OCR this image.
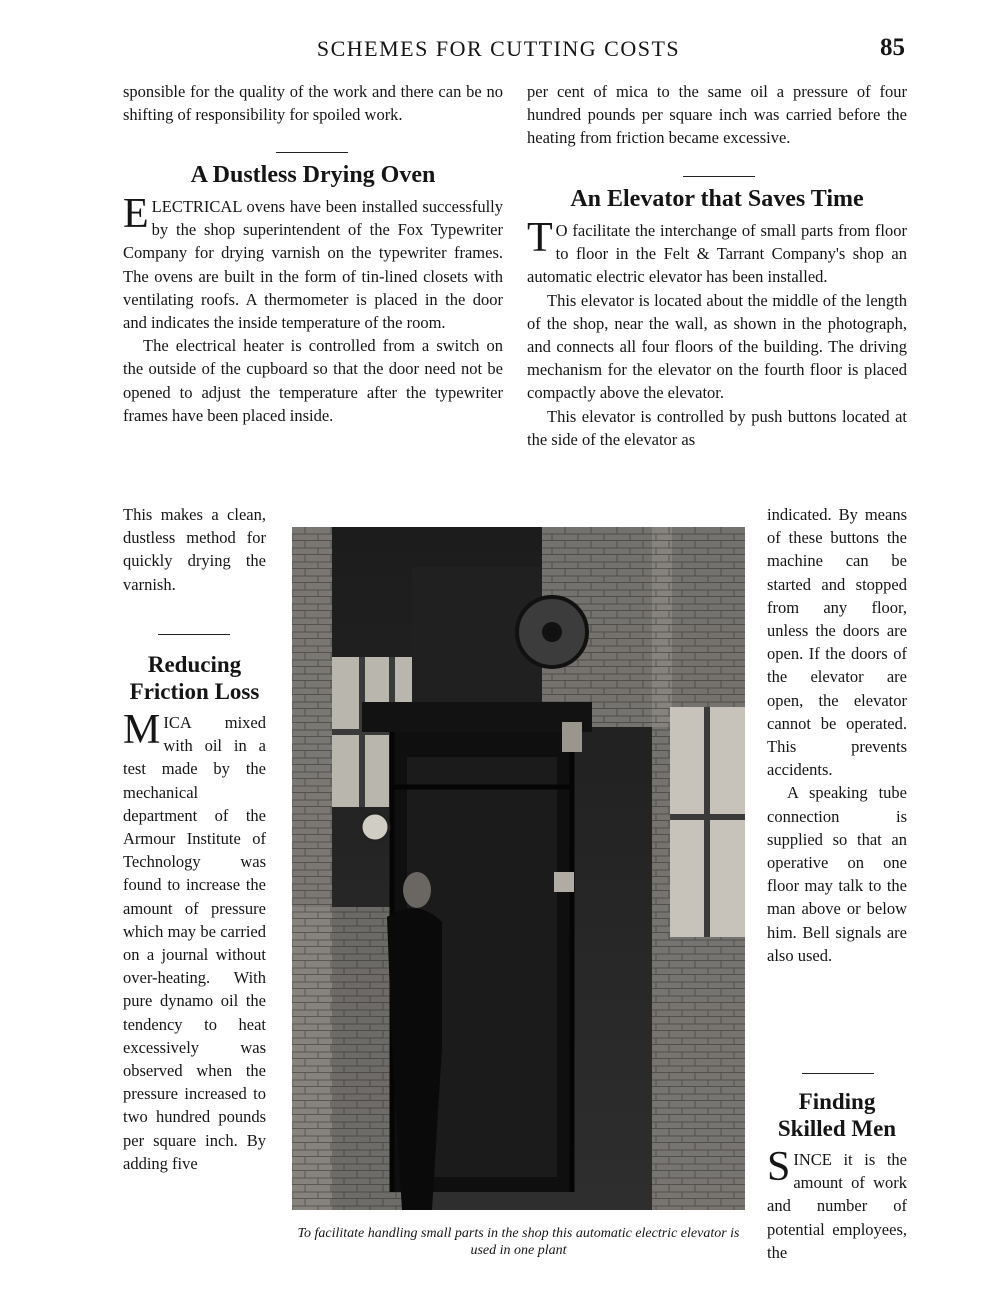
SCHEMES FOR CUTTING COSTS	85

sponsible for the quality of the work and there can be no shifting of responsibility for spoiled work.

A Dustless Drying Oven

ELECTRICAL ovens have been installed successfully by the shop superintendent of the Fox Typewriter Company for drying varnish on the typewriter frames. The ovens are built in the form of tin-lined closets with ventilating roofs. A thermometer is placed in the door and indicates the inside temperature of the room.

The electrical heater is controlled from a switch on the outside of the cupboard so that the door need not be opened to adjust the temperature after the typewriter frames have been placed inside.

This makes a clean, dustless method for quickly drying the varnish.

Reducing
Friction Loss

MICA mixed with oil in a test made by the mechanical department of the Armour Institute of Technology was found to increase the amount of pressure which may be carried on a journal without over-heating. With pure dynamo oil the tendency to heat excessively was observed when the pressure increased to two hundred pounds per square inch. By adding five

per cent of mica to the same oil a pressure of four hundred pounds per square inch was carried before the heating from friction became excessive.

An Elevator that Saves Time

T O facilitate the interchange of small parts from floor to floor in the Felt & Tarrant Company's shop an automatic electric elevator has been installed.

This elevator is located about the middle of the length of the shop, near the wall, as shown in the photograph, and connects all four floors of the building. The driving mechanism for the elevator on the fourth floor is placed compactly above the elevator.

This elevator is controlled by push buttons located at the side of the elevator as

indicated. By means of these buttons the machine can be started and stopped from any floor, unless the doors are open. If the doors of the elevator are open, the elevator cannot be operated. This prevents accidents.

A speaking tube connection is supplied so that an operative on one floor may talk to the man above or below him. Bell signals are also used.

Finding
Skilled Men

SINCE it is the amount of work and number of potential employees, the

To facilitate handling small parts in the shop this automatic electric elevator is used in one plant
